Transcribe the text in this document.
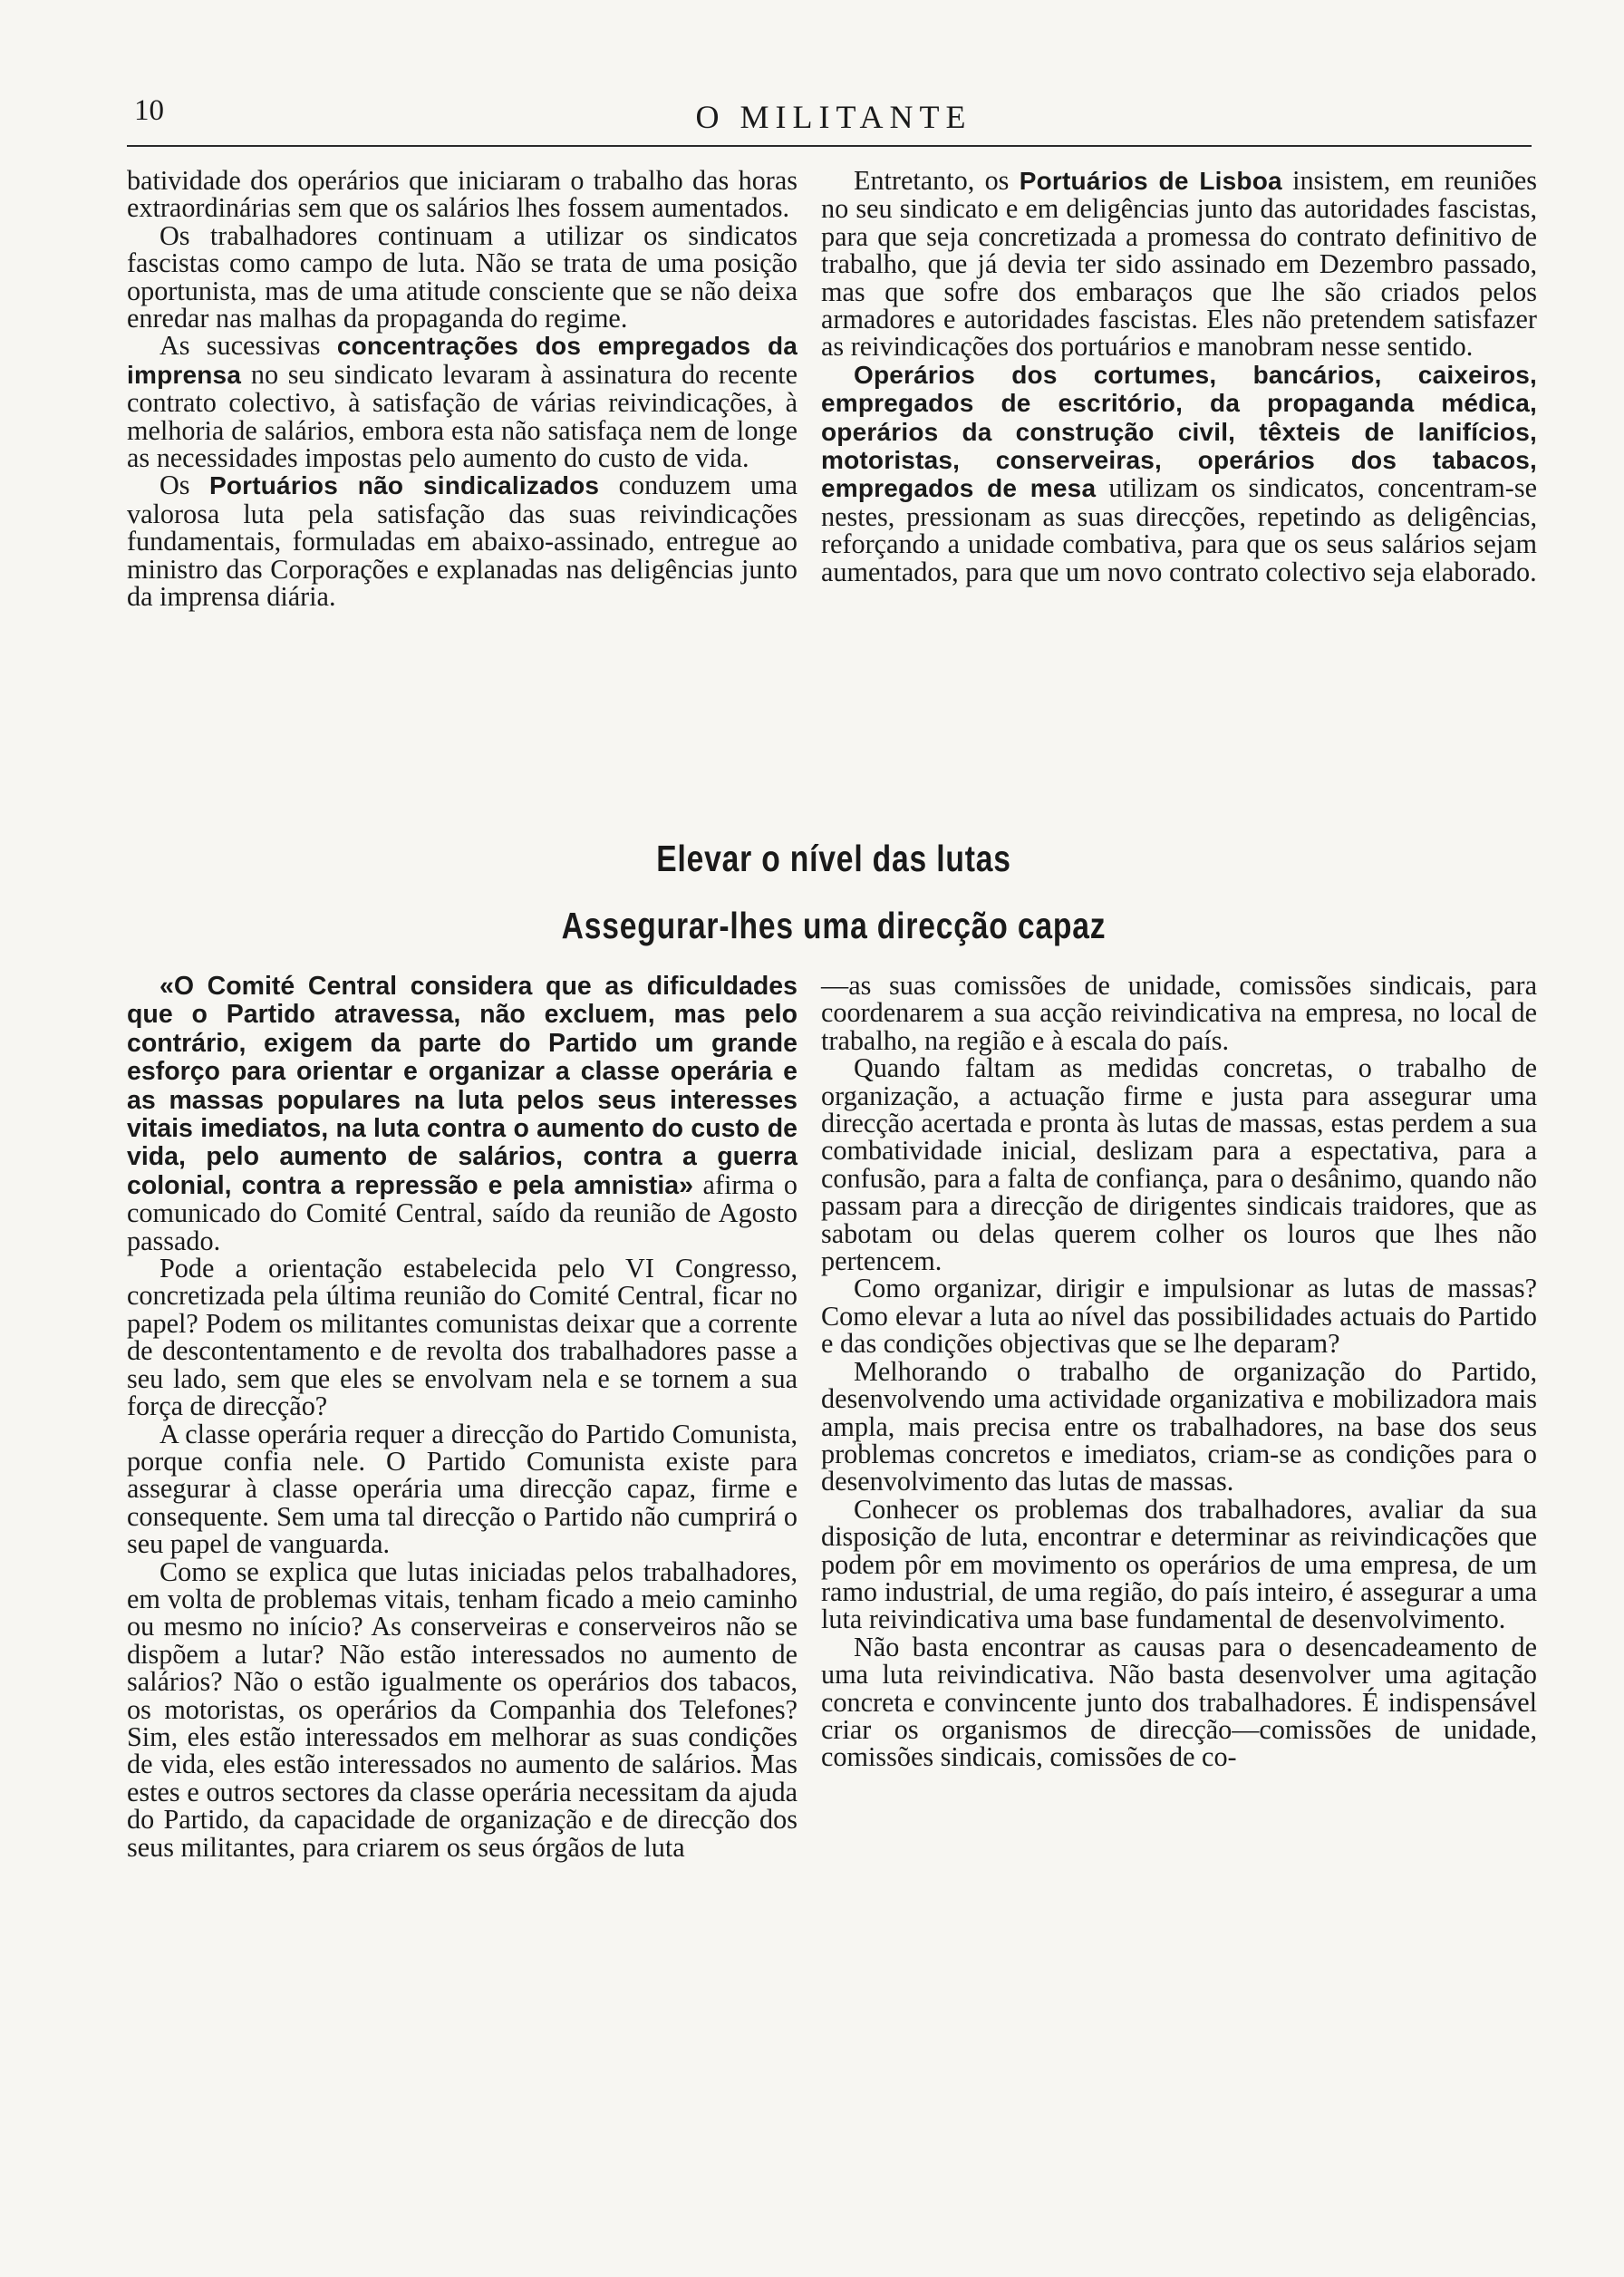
10	O MILITANTE

batividade dos operários que iniciaram o trabalho das horas extraordinárias sem que os salários lhes fossem aumentados.

Os trabalhadores continuam a utilizar os sindicatos fascistas como campo de luta. Não se trata de uma posição oportunista, mas de uma atitude consciente que se não deixa enredar nas malhas da propaganda do regime.

As sucessivas concentrações dos empregados da imprensa no seu sindicato levaram à assinatura do recente contrato colectivo, à satisfação de várias reivindicações, à melhoria de salários, embora esta não satisfaça nem de longe as necessidades impostas pelo aumento do custo de vida.

Os Portuários não sindicalizados conduzem uma valorosa luta pela satisfação das suas reivindicações fundamentais, formuladas em abaixo-assinado, entregue ao ministro das Corporações e explanadas nas deligências junto da imprensa diária.

Entretanto, os Portuários de Lisboa insistem, em reuniões no seu sindicato e em deligências junto das autoridades fascistas, para que seja concretizada a promessa do contrato definitivo de trabalho, que já devia ter sido assinado em Dezembro passado, mas que sofre dos embaraços que lhe são criados pelos armadores e autoridades fascistas. Eles não pretendem satisfazer as reivindicações dos portuários e manobram nesse sentido.

Operários dos cortumes, bancários, caixeiros, empregados de escritório, da propaganda médica, operários da construção civil, têxteis de lanifícios, motoristas, conserveiras, operários dos tabacos, empregados de mesa utilizam os sindicatos, concentram-se nestes, pressionam as suas direcções, repetindo as deligências, reforçando a unidade combativa, para que os seus salários sejam aumentados, para que um novo contrato colectivo seja elaborado.

Elevar o nível das lutas
Assegurar-lhes uma direcção capaz

«O Comité Central considera que as dificuldades que o Partido atravessa, não excluem, mas pelo contrário, exigem da parte do Partido um grande esforço para orientar e organizar a classe operária e as massas populares na luta pelos seus interesses vitais imediatos, na luta contra o aumento do custo de vida, pelo aumento de salários, contra a guerra colonial, contra a repressão e pela amnistia» afirma o comunicado do Comité Central, saído da reunião de Agosto passado.

Pode a orientação estabelecida pelo VI Congresso, concretizada pela última reunião do Comité Central, ficar no papel? Podem os militantes comunistas deixar que a corrente de descontentamento e de revolta dos trabalhadores passe a seu lado, sem que eles se envolvam nela e se tornem a sua força de direcção?

A classe operária requer a direcção do Partido Comunista, porque confia nele. O Partido Comunista existe para assegurar à classe operária uma direcção capaz, firme e consequente. Sem uma tal direcção o Partido não cumprirá o seu papel de vanguarda.

Como se explica que lutas iniciadas pelos trabalhadores, em volta de problemas vitais, tenham ficado a meio caminho ou mesmo no início? As conserveiras e conserveiros não se dispõem a lutar? Não estão interessados no aumento de salários? Não o estão igualmente os operários dos tabacos, os motoristas, os operários da Companhia dos Telefones? Sim, eles estão interessados em melhorar as suas condições de vida, eles estão interessados no aumento de salários. Mas estes e outros sectores da classe operária necessitam da ajuda do Partido, da capacidade de organização e de direcção dos seus militantes, para criarem os seus órgãos de luta

—as suas comissões de unidade, comissões sindicais, para coordenarem a sua acção reivindicativa na empresa, no local de trabalho, na região e à escala do país.

Quando faltam as medidas concretas, o trabalho de organização, a actuação firme e justa para assegurar uma direcção acertada e pronta às lutas de massas, estas perdem a sua combatividade inicial, deslizam para a espectativa, para a confusão, para a falta de confiança, para o desânimo, quando não passam para a direcção de dirigentes sindicais traidores, que as sabotam ou delas querem colher os louros que lhes não pertencem.

Como organizar, dirigir e impulsionar as lutas de massas? Como elevar a luta ao nível das possibilidades actuais do Partido e das condições objectivas que se lhe deparam?

Melhorando o trabalho de organização do Partido, desenvolvendo uma actividade organizativa e mobilizadora mais ampla, mais precisa entre os trabalhadores, na base dos seus problemas concretos e imediatos, criam-se as condições para o desenvolvimento das lutas de massas.

Conhecer os problemas dos trabalhadores, avaliar da sua disposição de luta, encontrar e determinar as reivindicações que podem pôr em movimento os operários de uma empresa, de um ramo industrial, de uma região, do país inteiro, é assegurar a uma luta reivindicativa uma base fundamental de desenvolvimento.

Não basta encontrar as causas para o desencadeamento de uma luta reivindicativa. Não basta desenvolver uma agitação concreta e convincente junto dos trabalhadores. É indispensável criar os organismos de direcção—comissões de unidade, comissões sindicais, comissões de co-
